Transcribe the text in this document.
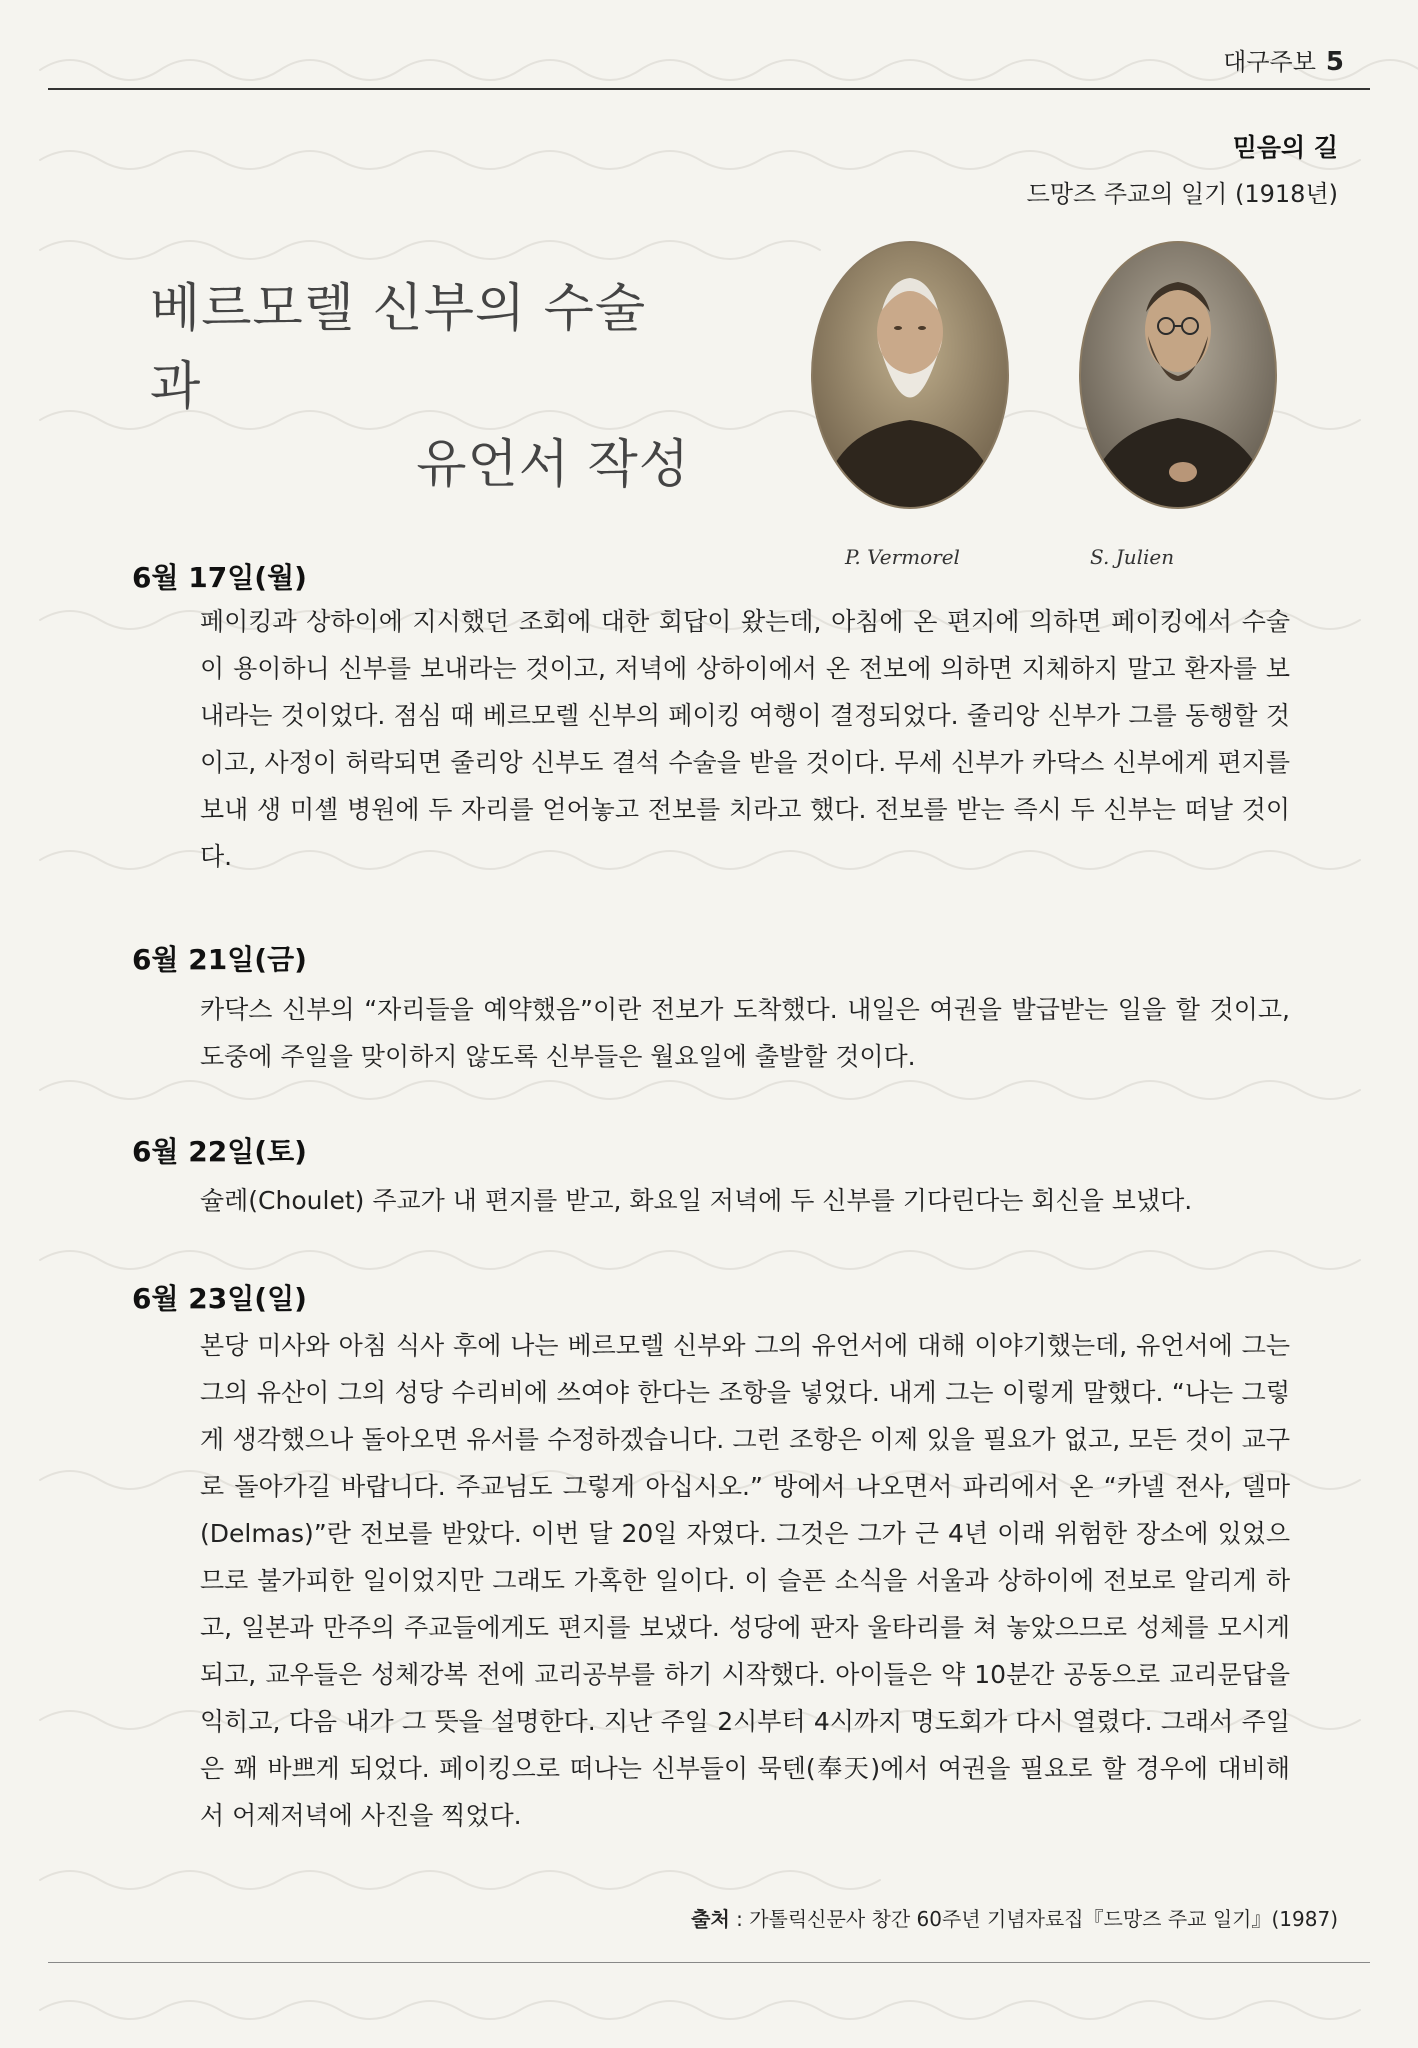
대구주보 5
믿음의 길
드망즈 주교의 일기 (1918년)
베르모렐 신부의 수술과
유언서 작성
P. Vermorel	S. Julien
6월 17일(월)
페이킹과 상하이에 지시했던 조회에 대한 회답이 왔는데, 아침에 온 편지에 의하면 페이킹에서 수술이 용이하니 신부를 보내라는 것이고, 저녁에 상하이에서 온 전보에 의하면 지체하지 말고 환자를 보내라는 것이었다. 점심 때 베르모렐 신부의 페이킹 여행이 결정되었다. 줄리앙 신부가 그를 동행할 것이고, 사정이 허락되면 줄리앙 신부도 결석 수술을 받을 것이다. 무세 신부가 카닥스 신부에게 편지를 보내 생 미셸 병원에 두 자리를 얻어놓고 전보를 치라고 했다. 전보를 받는 즉시 두 신부는 떠날 것이다.
6월 21일(금)
카닥스 신부의 “자리들을 예약했음”이란 전보가 도착했다. 내일은 여권을 발급받는 일을 할 것이고, 도중에 주일을 맞이하지 않도록 신부들은 월요일에 출발할 것이다.
6월 22일(토)
슐레(Choulet) 주교가 내 편지를 받고, 화요일 저녁에 두 신부를 기다린다는 회신을 보냈다.
6월 23일(일)
본당 미사와 아침 식사 후에 나는 베르모렐 신부와 그의 유언서에 대해 이야기했는데, 유언서에 그는 그의 유산이 그의 성당 수리비에 쓰여야 한다는 조항을 넣었다. 내게 그는 이렇게 말했다. “나는 그렇게 생각했으나 돌아오면 유서를 수정하겠습니다. 그런 조항은 이제 있을 필요가 없고, 모든 것이 교구로 돌아가길 바랍니다. 주교님도 그렇게 아십시오.” 방에서 나오면서 파리에서 온 “카넬 전사, 델마(Delmas)”란 전보를 받았다. 이번 달 20일 자였다. 그것은 그가 근 4년 이래 위험한 장소에 있었으므로 불가피한 일이었지만 그래도 가혹한 일이다. 이 슬픈 소식을 서울과 상하이에 전보로 알리게 하고, 일본과 만주의 주교들에게도 편지를 보냈다. 성당에 판자 울타리를 쳐 놓았으므로 성체를 모시게 되고, 교우들은 성체강복 전에 교리공부를 하기 시작했다. 아이들은 약 10분간 공동으로 교리문답을 익히고, 다음 내가 그 뜻을 설명한다. 지난 주일 2시부터 4시까지 명도회가 다시 열렸다. 그래서 주일은 꽤 바쁘게 되었다. 페이킹으로 떠나는 신부들이 묵텐(奉天)에서 여권을 필요로 할 경우에 대비해서 어제저녁에 사진을 찍었다.
출처 : 가톨릭신문사 창간 60주년 기념자료집『드망즈 주교 일기』(1987)
